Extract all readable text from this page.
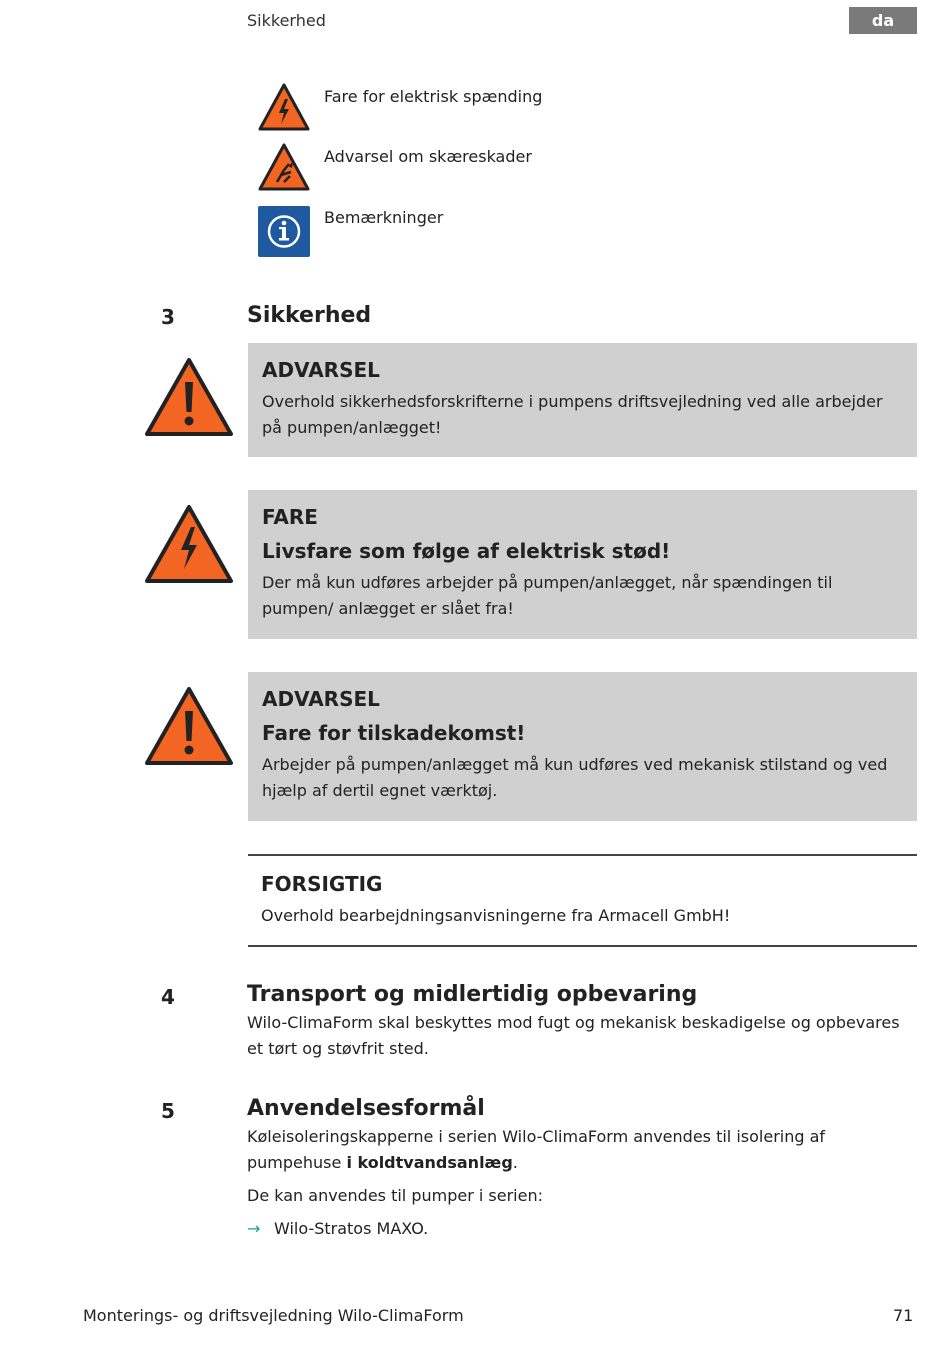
Sikkerhed	da
Fare for elektrisk spænding
Advarsel om skæreskader
Bemærkninger
3	Sikkerhed
ADVARSEL
Overhold sikkerhedsforskrifterne i pumpens driftsvejledning ved alle arbejder på pumpen/anlægget!
FARE
Livsfare som følge af elektrisk stød!
Der må kun udføres arbejder på pumpen/anlægget, når spændingen til pumpen/ anlægget er slået fra!
ADVARSEL
Fare for tilskadekomst!
Arbejder på pumpen/anlægget må kun udføres ved mekanisk stilstand og ved hjælp af dertil egnet værktøj.
FORSIGTIG
Overhold bearbejdningsanvisningerne fra Armacell GmbH!
4	Transport og midlertidig opbevaring
Wilo-ClimaForm skal beskyttes mod fugt og mekanisk beskadigelse og opbevares et tørt og støvfrit sted.
5	Anvendelsesformål
Køleisoleringskapperne i serien Wilo-ClimaForm anvendes til isolering af pumpehuse i koldtvandsanlæg.
De kan anvendes til pumper i serien:
→ Wilo-Stratos MAXO.
Monterings- og driftsvejledning Wilo-ClimaForm	71
